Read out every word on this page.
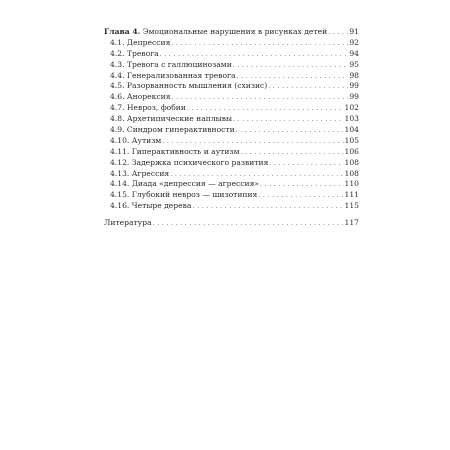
Глава 4. Эмоциональные нарушения в рисунках детей . . .	91
4.1. Депрессия . . .	92
4.2. Тревога . . .	94
4.3. Тревога с галлюцинозами . . .	95
4.4. Генерализованная тревога . . .	98
4.5. Разорванность мышления (схизис) . . .	99
4.6. Анорексия . . .	99
4.7. Невроз, фобии . . .	102
4.8. Архетипические наплывы . . .	103
4.9. Синдром гиперактивности . . .	104
4.10. Аутизм . . .	105
4.11. Гиперактивность и аутизм . . .	106
4.12. Задержка психического развития . . .	108
4.13. Агрессия . . .	108
4.14. Диада «депрессия — агрессия» . . .	110
4.15. Глубокий невроз — шизотипия . . .	111
4.16. Четыре дерева . . .	115
Литература . . .	117
